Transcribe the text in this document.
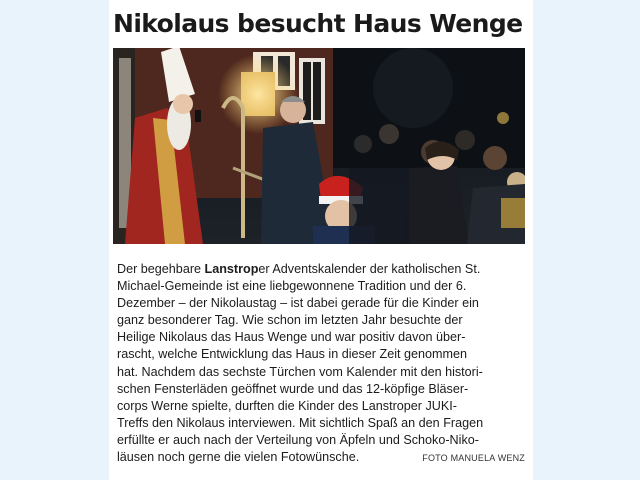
Nikolaus besucht Haus Wenge
Der begehbare Lanstroper Adventskalender der katholischen St.
Michael-Gemeinde ist eine liebgewonnene Tradition und der 6.
Dezember – der Nikolaustag – ist dabei gerade für die Kinder ein
ganz besonderer Tag. Wie schon im letzten Jahr besuchte der
Heilige Nikolaus das Haus Wenge und war positiv davon über-
rascht, welche Entwicklung das Haus in dieser Zeit genommen
hat. Nachdem das sechste Türchen vom Kalender mit den histori-
schen Fensterläden geöffnet wurde und das 12-köpfige Bläser-
corps Werne spielte, durften die Kinder des Lanstroper JUKI-
Treffs den Nikolaus interviewen. Mit sichtlich Spaß an den Fragen
erfüllte er auch nach der Verteilung von Äpfeln und Schoko-Niko-
läusen noch gerne die vielen Fotowünsche.	FOTO MANUELA WENZ
